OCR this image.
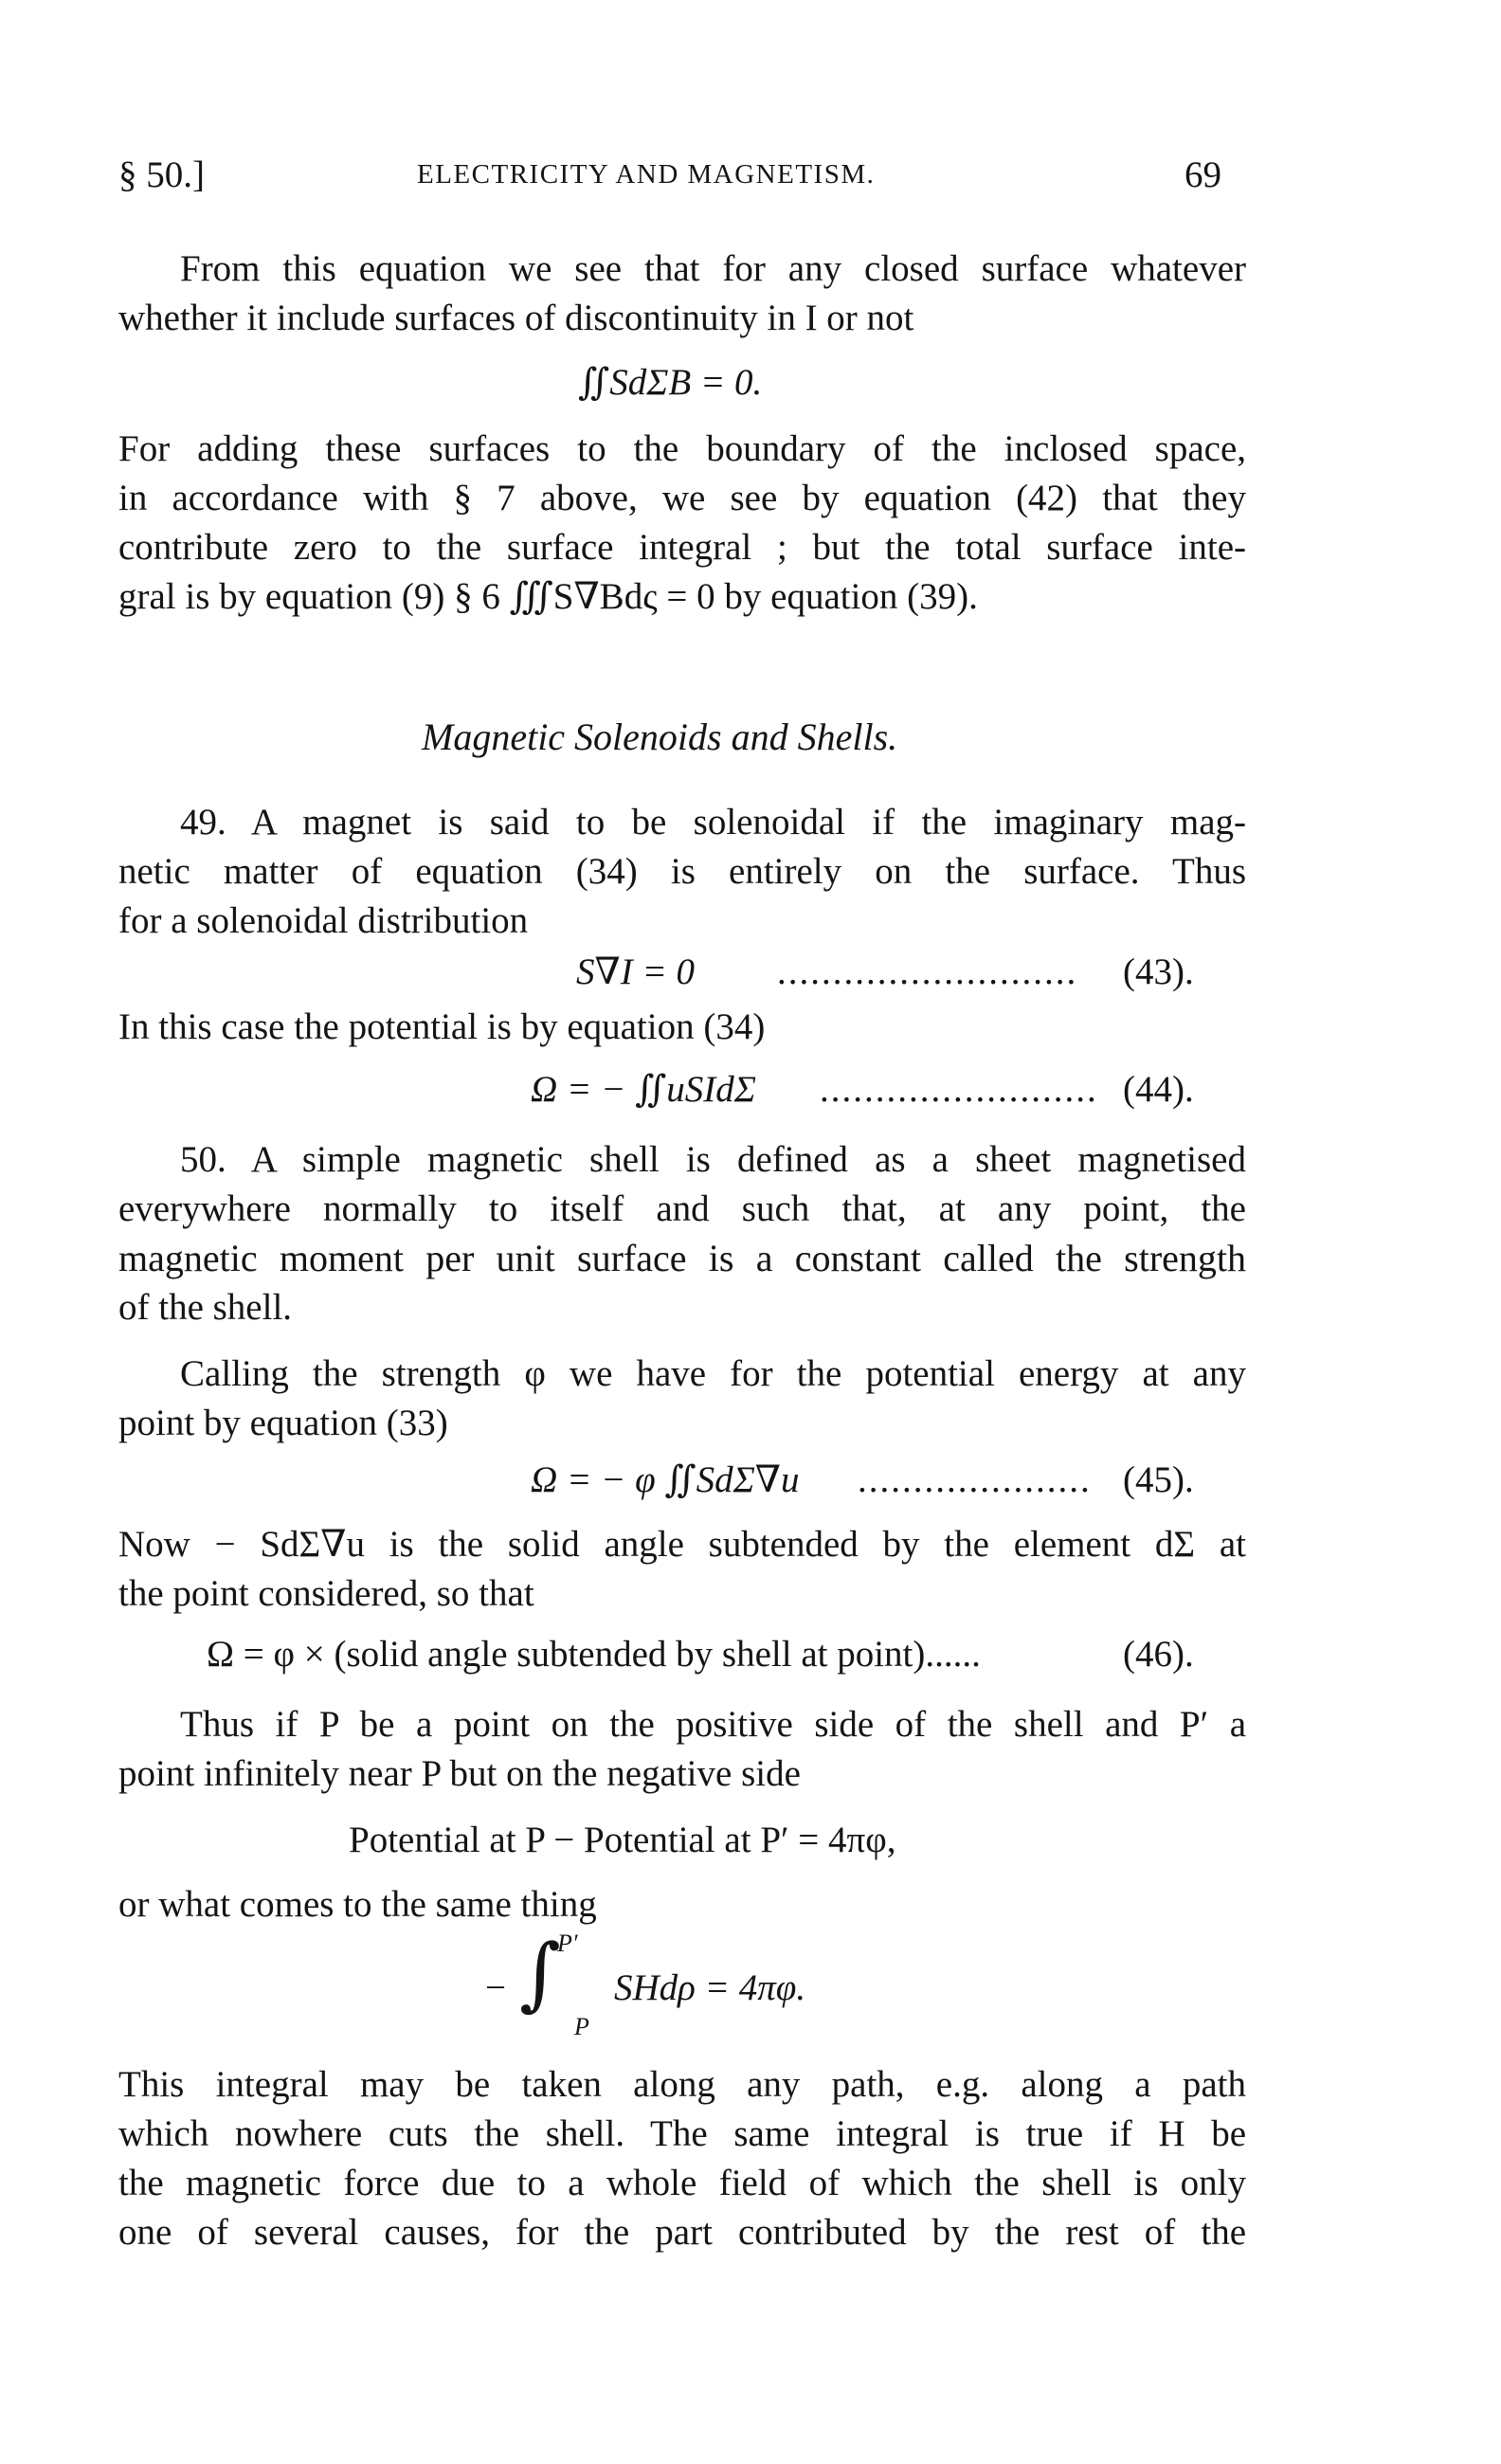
§ 50.]	ELECTRICITY AND MAGNETISM.	69
From this equation we see that for any closed surface whatever
whether it include surfaces of discontinuity in I or not
∬SdΣB = 0.
For adding these surfaces to the boundary of the inclosed space,
in accordance with § 7 above, we see by equation (42) that they
contribute zero to the surface integral ; but the total surface inte-
gral is by equation (9) § 6 ∭S∇Bdς = 0 by equation (39).
Magnetic Solenoids and Shells.
49. A magnet is said to be solenoidal if the imaginary mag-
netic matter of equation (34) is entirely on the surface. Thus
for a solenoidal distribution
S∇I = 0 ........................... (43).
In this case the potential is by equation (34)
Ω = − ∬uSIdΣ ......................... (44).
50. A simple magnetic shell is defined as a sheet magnetised
everywhere normally to itself and such that, at any point, the
magnetic moment per unit surface is a constant called the strength
of the shell.
Calling the strength φ we have for the potential energy at any
point by equation (33)
Ω = − φ ∬SdΣ∇u ..................... (45).
Now − SdΣ∇u is the solid angle subtended by the element dΣ at
the point considered, so that
Ω = φ × (solid angle subtended by shell at point)......	(46).
Thus if P be a point on the positive side of the shell and P′ a
point infinitely near P but on the negative side
Potential at P − Potential at P′ = 4πφ,
or what comes to the same thing
− ∫
P′
P
SHdρ = 4πφ.
This integral may be taken along any path, e.g. along a path
which nowhere cuts the shell. The same integral is true if H be
the magnetic force due to a whole field of which the shell is only
one of several causes, for the part contributed by the rest of the
